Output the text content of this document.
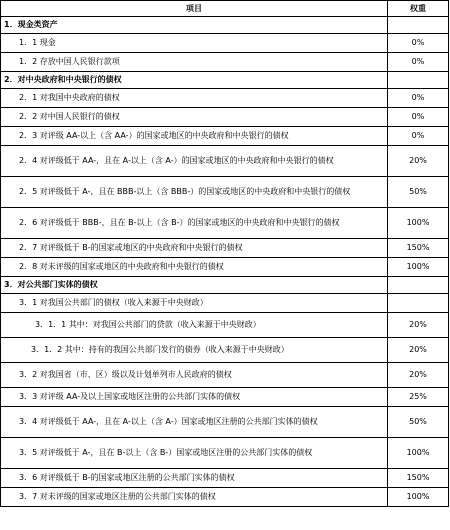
项目	权重
1．现金类资产	
1．1 现金	0%
1．2 存放中国人民银行款项	0%
2．对中央政府和中央银行的债权	
2．1 对我国中央政府的债权	0%
2．2 对中国人民银行的债权	0%
2．3 对评级 AA-以上（含 AA-）的国家或地区的中央政府和中央银行的债权	0%
2．4 对评级低于 AA-，且在 A-以上（含 A-）的国家或地区的中央政府和中央银行的债权	20%
2．5 对评级低于 A-，且在 BBB-以上（含 BBB-）的国家或地区的中央政府和中央银行的债权	50%
2．6 对评级低于 BBB-，且在 B-以上（含 B-）的国家或地区的中央政府和中央银行的债权	100%
2．7 对评级低于 B-的国家或地区的中央政府和中央银行的债权	150%
2．8 对未评级的国家或地区的中央政府和中央银行的债权	100%
3．对公共部门实体的债权	
3．1 对我国公共部门的债权（收入来源于中央财政）	
3．1．1 其中：对我国公共部门的贷款（收入来源于中央财政）	20%
3．1．2 其中：持有的我国公共部门发行的债券（收入来源于中央财政）	20%
3．2 对我国省（市、区）级以及计划单列市人民政府的债权	20%
3．3 对评级 AA-及以上国家或地区注册的公共部门实体的债权	25%
3．4 对评级低于 AA-，且在 A-以上（含 A-）国家或地区注册的公共部门实体的债权	50%
3．5 对评级低于 A-，且在 B-以上（含 B-）国家或地区注册的公共部门实体的债权	100%
3．6 对评级低于 B-的国家或地区注册的公共部门实体的债权	150%
3．7 对未评级的国家或地区注册的公共部门实体的债权	100%
